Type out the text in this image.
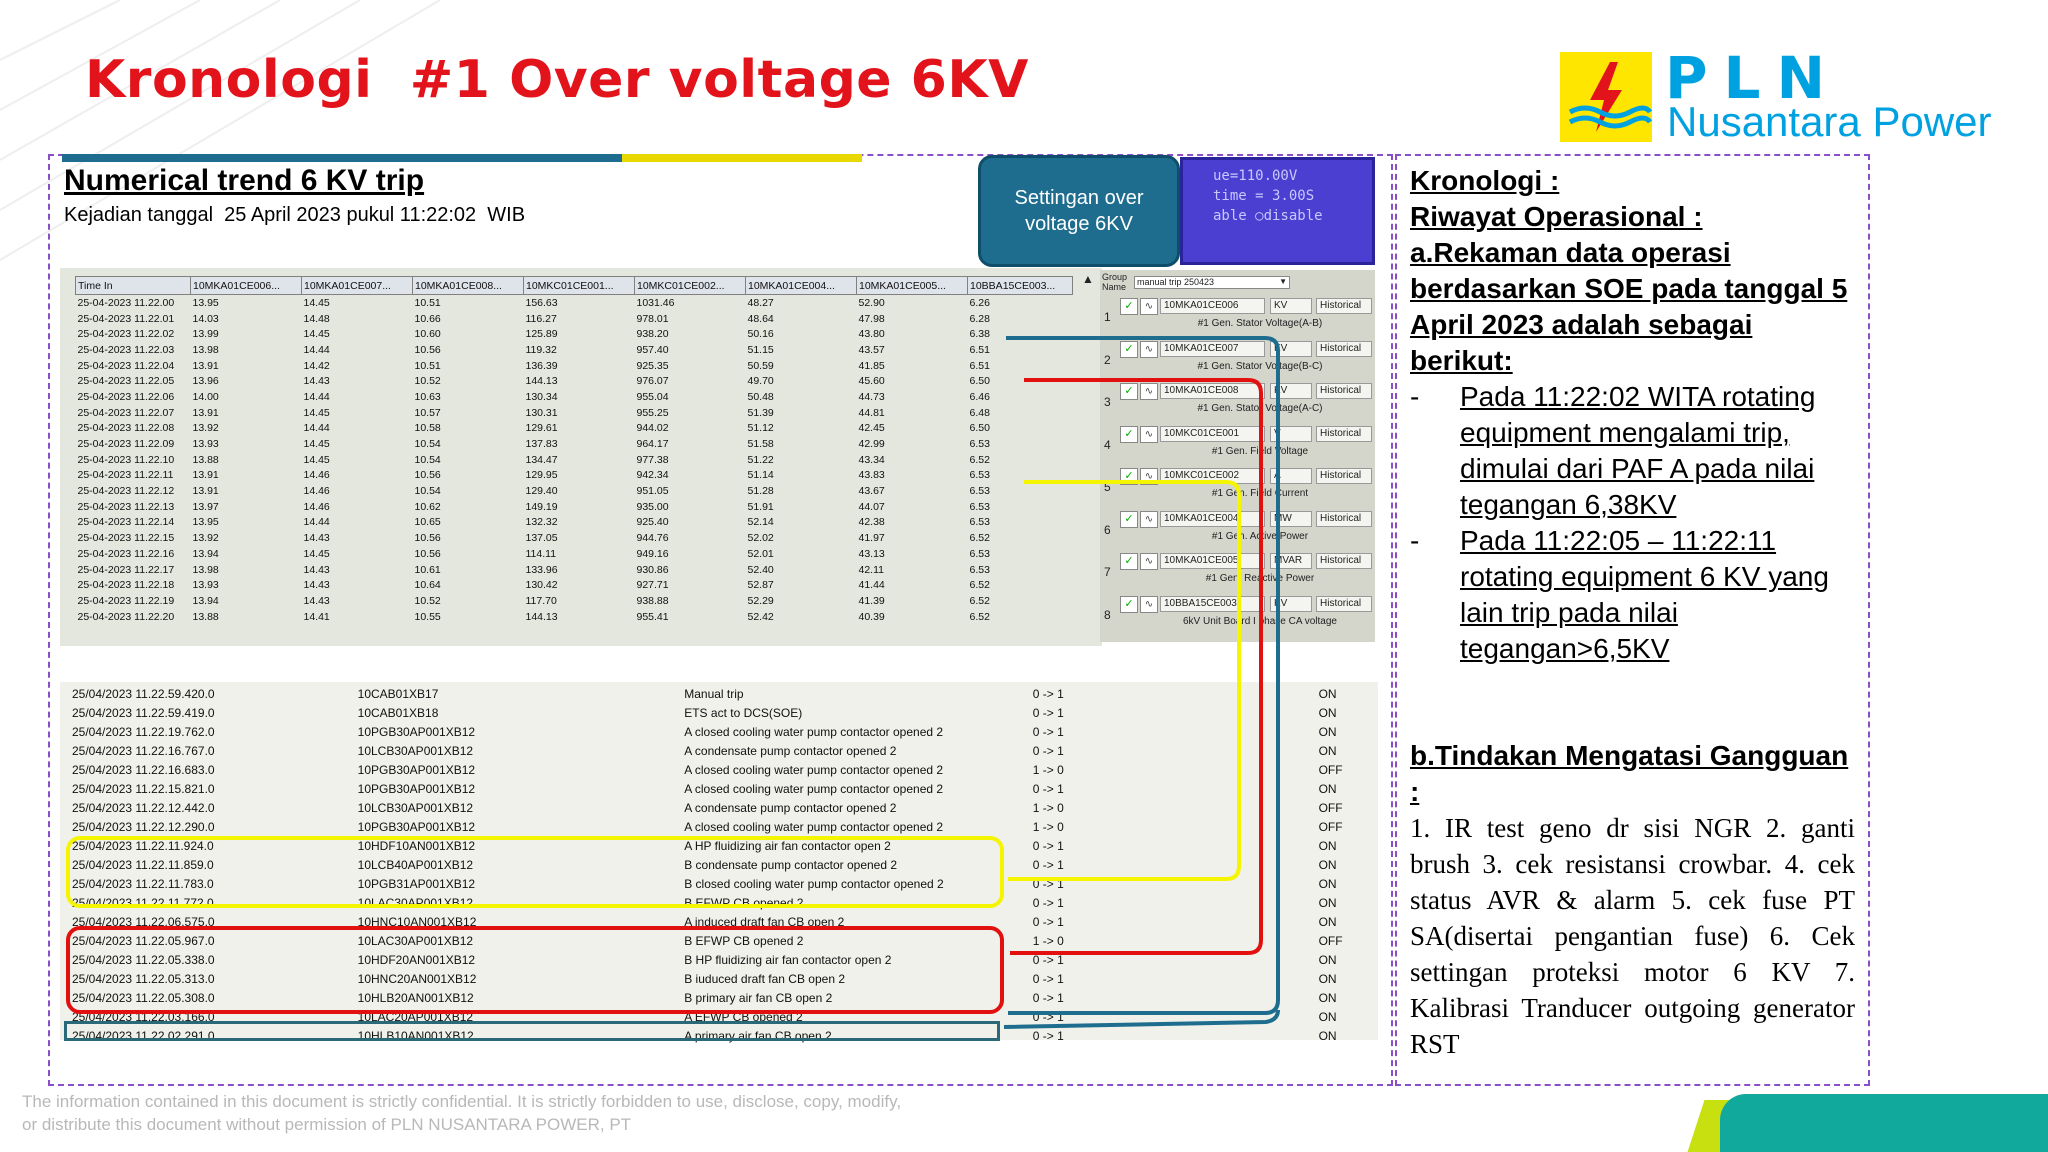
Kronologi  #1 Over voltage 6KV	PLN
Nusantara Power
Numerical trend 6 KV trip
Kejadian tanggal  25 April 2023 pukul 11:22:02  WIB
Settingan over voltage 6KV
ue=110.00V
time = 3.00S
able ○disable
Time In	10MKA01CE006...	10MKA01CE007...	10MKA01CE008...	10MKC01CE001...	10MKC01CE002...	10MKA01CE004...	10MKA01CE005...	10BBA15CE003...
25-04-2023 11.22.00	13.95	14.45	10.51	156.63	1031.46	48.27	52.90	6.26
25-04-2023 11.22.01	14.03	14.48	10.66	116.27	978.01	48.64	47.98	6.28
25-04-2023 11.22.02	13.99	14.45	10.60	125.89	938.20	50.16	43.80	6.38
25-04-2023 11.22.03	13.98	14.44	10.56	119.32	957.40	51.15	43.57	6.51
25-04-2023 11.22.04	13.91	14.42	10.51	136.39	925.35	50.59	41.85	6.51
25-04-2023 11.22.05	13.96	14.43	10.52	144.13	976.07	49.70	45.60	6.50
25-04-2023 11.22.06	14.00	14.44	10.63	130.34	955.04	50.48	44.73	6.46
25-04-2023 11.22.07	13.91	14.45	10.57	130.31	955.25	51.39	44.81	6.48
25-04-2023 11.22.08	13.92	14.44	10.58	129.61	944.02	51.12	42.45	6.50
25-04-2023 11.22.09	13.93	14.45	10.54	137.83	964.17	51.58	42.99	6.53
25-04-2023 11.22.10	13.88	14.45	10.54	134.47	977.38	51.22	43.34	6.52
25-04-2023 11.22.11	13.91	14.46	10.56	129.95	942.34	51.14	43.83	6.53
25-04-2023 11.22.12	13.91	14.46	10.54	129.40	951.05	51.28	43.67	6.53
25-04-2023 11.22.13	13.97	14.46	10.62	149.19	935.00	51.91	44.07	6.53
25-04-2023 11.22.14	13.95	14.44	10.65	132.32	925.40	52.14	42.38	6.53
25-04-2023 11.22.15	13.92	14.43	10.56	137.05	944.76	52.02	41.97	6.52
25-04-2023 11.22.16	13.94	14.45	10.56	114.11	949.16	52.01	43.13	6.53
25-04-2023 11.22.17	13.98	14.43	10.61	133.96	930.86	52.40	42.11	6.53
25-04-2023 11.22.18	13.93	14.43	10.64	130.42	927.71	52.87	41.44	6.52
25-04-2023 11.22.19	13.94	14.43	10.52	117.70	938.88	52.29	41.39	6.52
25-04-2023 11.22.20	13.88	14.41	10.55	144.13	955.41	52.42	40.39	6.52
Group Name	manual trip 250423	▼
▲
1
✓	∿	10MKA01CE006	KV	Historical
#1 Gen. Stator Voltage(A-B)
2
✓	∿	10MKA01CE007	KV	Historical
#1 Gen. Stator Voltage(B-C)
3
✓	∿	10MKA01CE008	KV	Historical
#1 Gen. Stator Voltage(A-C)
4
✓	∿	10MKC01CE001	V	Historical
#1 Gen. Field Voltage
5
✓	∿	10MKC01CE002	A	Historical
#1 Gen. Field Current
6
✓	∿	10MKA01CE004	MW	Historical
#1 Gen. Active Power
7
✓	∿	10MKA01CE005	MVAR	Historical
#1 Gen. Reactive Power
8
✓	∿	10BBA15CE003	KV	Historical
6kV Unit Board I phase CA voltage
25/04/2023 11.22.59.420.0	10CAB01XB17	Manual trip	0 -> 1	ON
25/04/2023 11.22.59.419.0	10CAB01XB18	ETS act to DCS(SOE)	0 -> 1	ON
25/04/2023 11.22.19.762.0	10PGB30AP001XB12	A closed cooling water pump contactor opened 2	0 -> 1	ON
25/04/2023 11.22.16.767.0	10LCB30AP001XB12	A condensate pump contactor opened 2	0 -> 1	ON
25/04/2023 11.22.16.683.0	10PGB30AP001XB12	A closed cooling water pump contactor opened 2	1 -> 0	OFF
25/04/2023 11.22.15.821.0	10PGB30AP001XB12	A closed cooling water pump contactor opened 2	0 -> 1	ON
25/04/2023 11.22.12.442.0	10LCB30AP001XB12	A condensate pump contactor opened 2	1 -> 0	OFF
25/04/2023 11.22.12.290.0	10PGB30AP001XB12	A closed cooling water pump contactor opened 2	1 -> 0	OFF
25/04/2023 11.22.11.924.0	10HDF10AN001XB12	A HP fluidizing air fan contactor open 2	0 -> 1	ON
25/04/2023 11.22.11.859.0	10LCB40AP001XB12	B condensate pump contactor opened 2	0 -> 1	ON
25/04/2023 11.22.11.783.0	10PGB31AP001XB12	B closed cooling water pump contactor opened 2	0 -> 1	ON
25/04/2023 11.22.11.772.0	10LAC30AP001XB12	B EFWP CB opened 2	0 -> 1	ON
25/04/2023 11.22.06.575.0	10HNC10AN001XB12	A induced draft fan CB open 2	0 -> 1	ON
25/04/2023 11.22.05.967.0	10LAC30AP001XB12	B EFWP CB opened 2	1 -> 0	OFF
25/04/2023 11.22.05.338.0	10HDF20AN001XB12	B HP fluidizing air fan contactor open 2	0 -> 1	ON
25/04/2023 11.22.05.313.0	10HNC20AN001XB12	B iuduced draft fan CB open 2	0 -> 1	ON
25/04/2023 11.22.05.308.0	10HLB20AN001XB12	B primary air fan CB open 2	0 -> 1	ON
25/04/2023 11.22.03.166.0	10LAC20AP001XB12	A EFWP CB opened 2	0 -> 1	ON
25/04/2023 11.22.02.291.0	10HLB10AN001XB12	A primary air fan CB open 2	0 -> 1	ON
Kronologi :
Riwayat Operasional :
a.Rekaman data operasi berdasarkan SOE pada tanggal 5 April 2023 adalah sebagai berikut:
- Pada 11:22:02 WITA rotating equipment mengalami trip, dimulai dari PAF A pada nilai tegangan 6,38KV
- Pada 11:22:05 – 11:22:11 rotating equipment 6 KV yang lain trip pada nilai tegangan>6,5KV
b.Tindakan Mengatasi Gangguan :
1. IR test geno dr sisi NGR 2. ganti brush 3. cek resistansi crowbar. 4. cek status AVR & alarm 5. cek fuse PT SA(disertai pengantian fuse) 6. Cek settingan proteksi motor 6 KV 7. Kalibrasi Tranducer outgoing generator RST
The information contained in this document is strictly confidential. It is strictly forbidden to use, disclose, copy, modify,
or distribute this document without permission of PLN NUSANTARA POWER, PT
